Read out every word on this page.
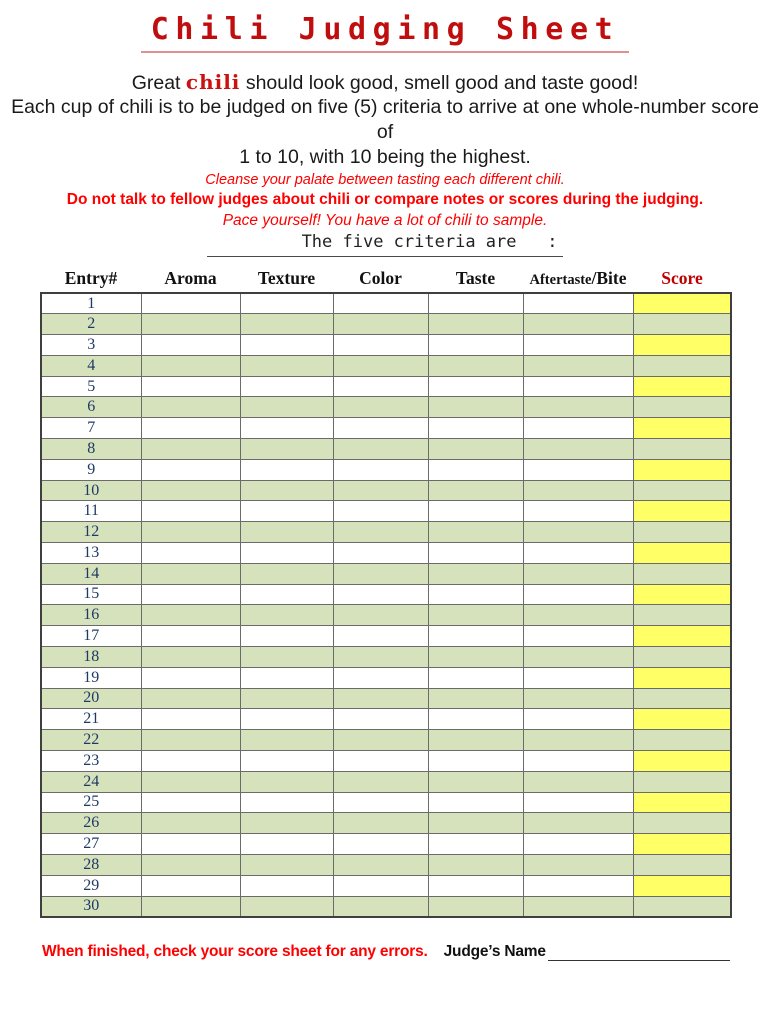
Chili Judging Sheet
Great chili should look good, smell good and taste good!
Each cup of chili is to be judged on five (5) criteria to arrive at one whole-number score
of
1 to 10, with 10 being the highest.
Cleanse your palate between tasting each different chili.
Do not talk to fellow judges about chili or compare notes or scores during the judging.
Pace yourself! You have a lot of chili to sample.
The five criteria are   :
Entry#	Aroma	Texture	Color	Taste	Aftertaste/Bite	Score
1						
2						
3						
4						
5						
6						
7						
8						
9						
10						
11						
12						
13						
14						
15						
16						
17						
18						
19						
20						
21						
22						
23						
24						
25						
26						
27						
28						
29						
30						
When finished, check your score sheet for any errors. Judge’s Name
